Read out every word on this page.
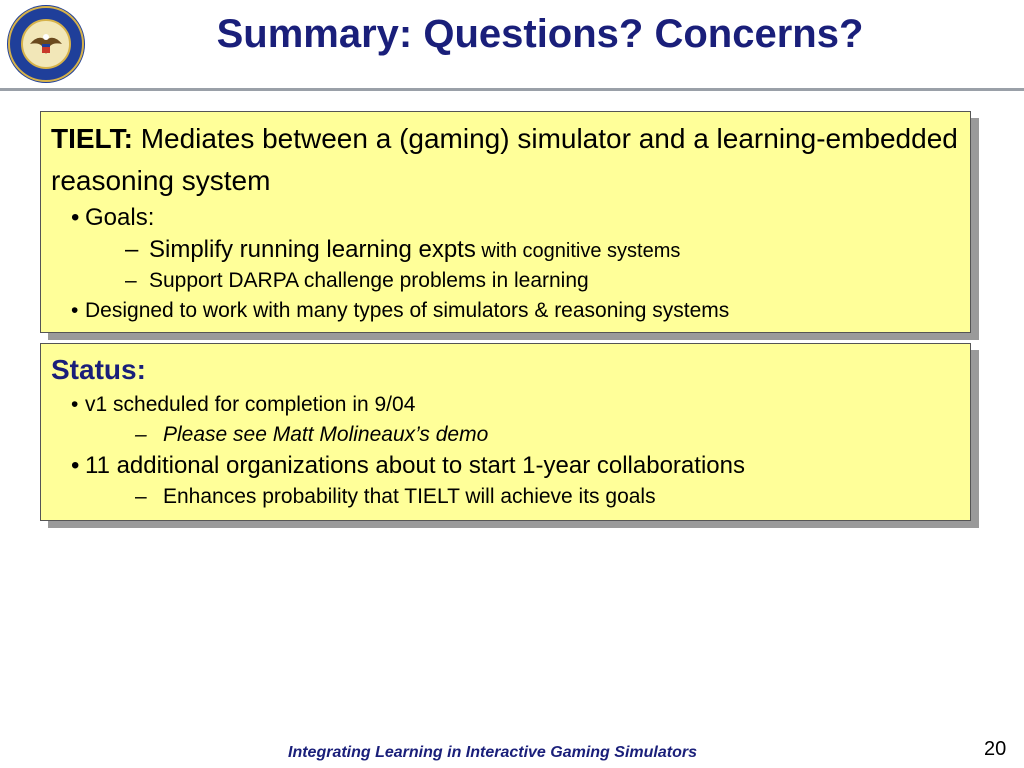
Summary: Questions? Concerns?
TIELT: Mediates between a (gaming) simulator and a learning-embedded reasoning system
• Goals:
– Simplify running learning expts with cognitive systems
– Support DARPA challenge problems in learning
• Designed to work with many types of simulators & reasoning systems
Status:
• v1 scheduled for completion in 9/04
– Please see Matt Molineaux’s demo
• 11 additional organizations about to start 1-year collaborations
– Enhances probability that TIELT will achieve its goals
Integrating Learning in Interactive Gaming Simulators	20
